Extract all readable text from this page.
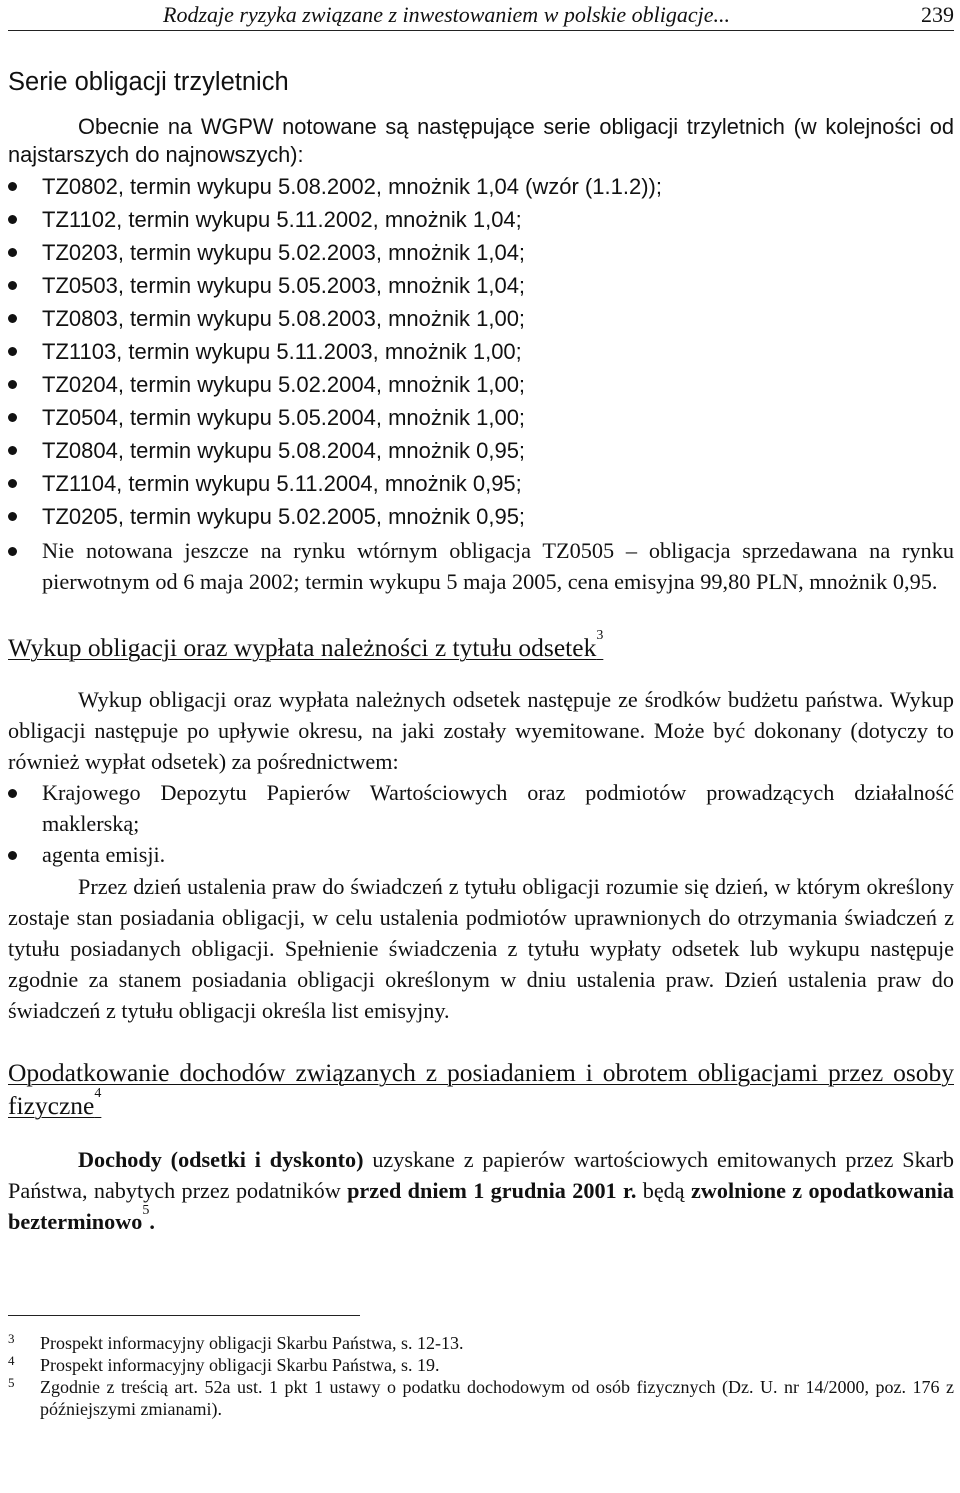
Rodzaje ryzyka związane z inwestowaniem w polskie obligacje...	239
Serie obligacji trzyletnich

Obecnie na WGPW notowane są następujące serie obligacji trzyletnich (w kolejności od najstarszych do najnowszych):

TZ0802, termin wykupu 5.08.2002, mnożnik 1,04 (wzór (1.1.2));
TZ1102, termin wykupu 5.11.2002, mnożnik 1,04;
TZ0203, termin wykupu 5.02.2003, mnożnik 1,04;
TZ0503, termin wykupu 5.05.2003, mnożnik 1,04;
TZ0803, termin wykupu 5.08.2003, mnożnik 1,00;
TZ1103, termin wykupu 5.11.2003, mnożnik 1,00;
TZ0204, termin wykupu 5.02.2004, mnożnik 1,00;
TZ0504, termin wykupu 5.05.2004, mnożnik 1,00;
TZ0804, termin wykupu 5.08.2004, mnożnik 0,95;
TZ1104, termin wykupu 5.11.2004, mnożnik 0,95;
TZ0205, termin wykupu 5.02.2005, mnożnik 0,95;
Nie notowana jeszcze na rynku wtórnym obligacja TZ0505 – obligacja sprzedawana na rynku pierwotnym od 6 maja 2002; termin wykupu 5 maja 2005, cena emisyjna 99,80 PLN, mnożnik 0,95.
Wykup obligacji oraz wypłata należności z tytułu odsetek$^3$

Wykup obligacji oraz wypłata należnych odsetek następuje ze środków budżetu państwa. Wykup obligacji następuje po upływie okresu, na jaki zostały wyemitowane. Może być dokonany (dotyczy to również wypłat odsetek) za pośrednictwem:

Krajowego Depozytu Papierów Wartościowych oraz podmiotów prowadzących działalność maklerską;
agenta emisji.

Przez dzień ustalenia praw do świadczeń z tytułu obligacji rozumie się dzień, w którym określony zostaje stan posiadania obligacji, w celu ustalenia podmiotów uprawnionych do otrzymania świadczeń z tytułu posiadanych obligacji. Spełnienie świadczenia z tytułu wypłaty odsetek lub wykupu następuje zgodnie za stanem posiadania obligacji określonym w dniu ustalenia praw. Dzień ustalenia praw do świadczeń z tytułu obligacji określa list emisyjny.

Opodatkowanie dochodów związanych z posiadaniem i obrotem obligacjami przez osoby fizyczne$^4$

Dochody (odsetki i dyskonto) uzyskane z papierów wartościowych emitowanych przez Skarb Państwa, nabytych przez podatników przed dniem 1 grudnia 2001 r. będą zwolnione z opodatkowania bezterminowo$^5$.

3 Prospekt informacyjny obligacji Skarbu Państwa, s. 12-13.
4 Prospekt informacyjny obligacji Skarbu Państwa, s. 19.
5 Zgodnie z treścią art. 52a ust. 1 pkt 1 ustawy o podatku dochodowym od osób fizycznych (Dz. U. nr 14/2000, poz. 176 z późniejszymi zmianami).
